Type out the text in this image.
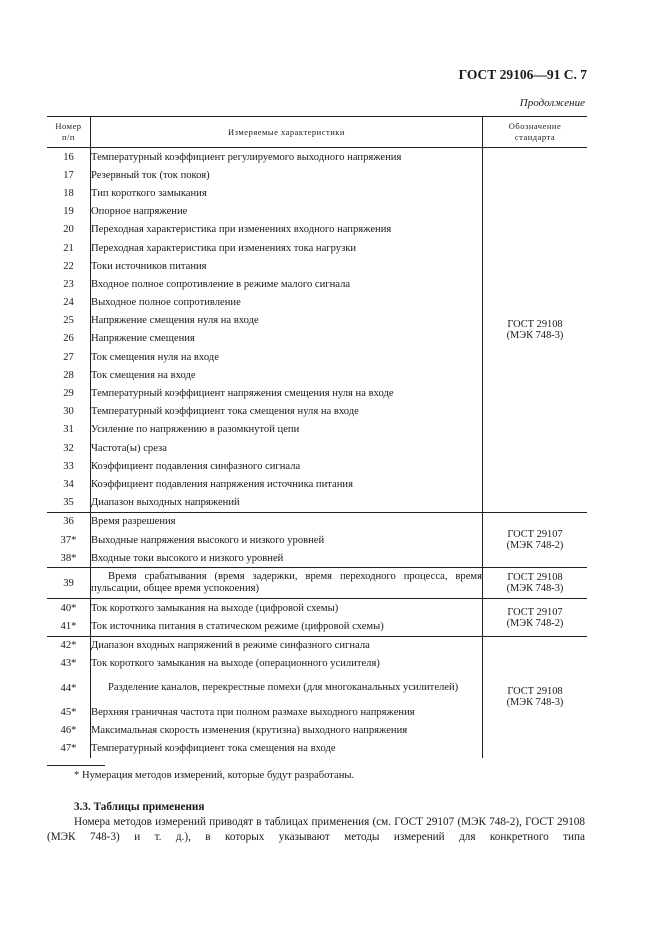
ГОСТ 29106—91 С. 7
Продолжение
Номер
п/п	Измеряемые характеристики	Обозначение
стандарта
16	Температурный коэффициент регулируемого выходного напряжения	ГОСТ 29108
(МЭК 748-3)
17	Резервный ток (ток покоя)	
18	Тип короткого замыкания	
19	Опорное напряжение	
20	Переходная характеристика при изменениях входного напряжения	
21	Переходная характеристика при изменениях тока нагрузки	
22	Токи источников питания	
23	Входное полное сопротивление в режиме малого сигнала	
24	Выходное полное сопротивление	
25	Напряжение смещения нуля на входе	
26	Напряжение смещения	
27	Ток смещения нуля на входе	
28	Ток смещения на входе	
29	Температурный коэффициент напряжения смещения нуля на входе	
30	Температурный коэффициент тока смещения нуля на входе	
31	Усиление по напряжению в разомкнутой цепи	
32	Частота(ы) среза	
33	Коэффициент подавления синфазного сигнала	
34	Коэффициент подавления напряжения источника питания	
35	Диапазон выходных напряжений	
36	Время разрешения	ГОСТ 29107
(МЭК 748-2)
37*	Выходные напряжения высокого и низкого уровней	
38*	Входные токи высокого и низкого уровней	
39	Время срабатывания (время задержки, время переходного процесса, время пульсации, общее время успокоения)	ГОСТ 29108
(МЭК 748-3)
40*	Ток короткого замыкания на выходе (цифровой схемы)	ГОСТ 29107
(МЭК 748-2)
41*	Ток источника питания в статическом режиме (цифровой схемы)	
42*	Диапазон входных напряжений в режиме синфазного сигнала	ГОСТ 29108
(МЭК 748-3)
43*	Ток короткого замыкания на выходе (операционного усилителя)	
44*	Разделение каналов, перекрестные помехи (для многоканальных усилителей)	
45*	Верхняя граничная частота при полном размахе выходного напряжения	
46*	Максимальная скорость изменения (крутизна) выходного напряжения	
47*	Температурный коэффициент тока смещения на входе	
* Нумерация методов измерений, которые будут разработаны.
3.3. Таблицы применения
Номера методов измерений приводят в таблицах применения (см. ГОСТ 29107 (МЭК 748-2), ГОСТ 29108 (МЭК 748-3) и т. д.), в которых указывают методы измерений для конкретного типа
